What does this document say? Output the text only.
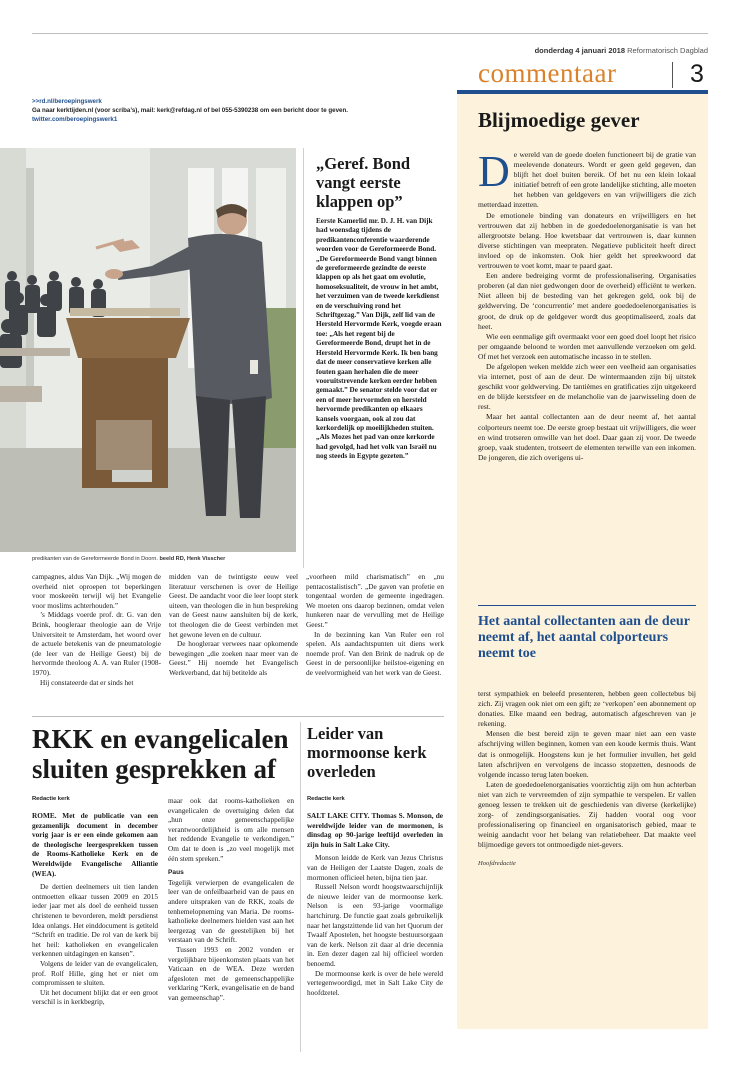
donderdag 4 januari 2018 Reformatorisch Dagblad
commentaar	3
>>rd.nl/beroepingswerk
Ga naar kerktijden.nl (voor scriba’s), mail: kerk@refdag.nl of bel 055-5390238 om een bericht door te geven.
twitter.com/beroepingswerk1
predikanten van de Gereformeerde Bond in Doorn. beeld RD, Henk Visscher
„Geref. Bond vangt eerste klappen op”
Eerste Kamerlid mr. D. J. H. van Dijk had woensdag tijdens de predikantenconferentie waarderende woorden voor de Gereformeerde Bond. „De Gereformeerde Bond vangt binnen de gereformeerde gezindte de eerste klappen op als het gaat om evolutie, homoseksualiteit, de vrouw in het ambt, het verzuimen van de tweede kerkdienst en de verschuiving rond het Schriftgezag.” Van Dijk, zelf lid van de Hersteld Hervormde Kerk, voegde eraan toe: „Als het regent bij de Gereformeerde Bond, drupt het in de Hersteld Hervormde Kerk. Ik ben bang dat de meer conservatieve kerken alle fouten gaan herhalen die de meer vooruitstrevende kerken eerder hebben gemaakt.” De senator stelde voor dat er een of meer hervormden en hersteld hervormde predikanten op elkaars kansels voorgaan, ook al zou dat kerkordelijk op moeilijkheden stuiten. „Als Mozes het pad van onze kerkorde had gevolgd, had het volk van Israël nu nog steeds in Egypte gezeten.”

campagnes, aldus Van Dijk. „Wij mogen de overheid niet oproepen tot beperkingen voor moskeeën terwijl wij het Evangelie voor moslims achterhouden.”

’s Middags voerde prof. dr. G. van den Brink, hoogleraar theologie aan de Vrije Universiteit te Amsterdam, het woord over de actuele betekenis van de pneumatologie (de leer van de Heilige Geest) bij de hervormde theoloog A. A. van Ruler (1908-1970).

Hij constateerde dat er sinds het

midden van de twintigste eeuw veel literatuur verschenen is over de Heilige Geest. De aandacht voor die leer loopt sterk uiteen, van theologen die in hun bespreking van de Geest nauw aansluiten bij de kerk, tot theologen die de Geest verbinden met het gewone leven en de cultuur.

De hoogleraar verwees naar opkomende bewegingen „die zoeken naar meer van de Geest.” Hij noemde het Evangelisch Werkverband, dat hij betitelde als

„voorheen mild charismatisch” en „nu pentacostalistisch”. „De gaven van profetie en tongentaal worden de gemeente ingedragen. We moeten ons daarop bezinnen, omdat velen hunkeren naar de vervulling met de Heilige Geest.”

In de bezinning kan Van Ruler een rol spelen. Als aandachtspunten uit diens werk noemde prof. Van den Brink de nadruk op de Geest in de persoonlijke heilstoe-eigening en de veelvormigheid van het werk van de Geest.

RKK en evangelicalen sluiten gesprekken af
Redactie kerk

ROME. Met de publicatie van een gezamenlijk document in december vorig jaar is er een einde gekomen aan de theologische leergesprekken tussen de Rooms-Katholieke Kerk en de Wereldwijde Evangelische Alliantie (WEA).

De dertien deelnemers uit tien landen ontmoetten elkaar tussen 2009 en 2015 ieder jaar met als doel de eenheid tussen christenen te bevorderen, meldt persdienst Idea onlangs. Het einddocument is getiteld “Schrift en traditie. De rol van de kerk bij het heil: katholieken en evangelicalen verkennen uitdagingen en kansen”.

Volgens de leider van de evangelicalen, prof. Rolf Hille, ging het er niet om compromissen te sluiten.

Uit het document blijkt dat er een groot verschil is in kerkbegrip,

maar ook dat rooms-katholieken en evangelicalen de overtuiging delen dat „hun onze gemeenschappelijke verantwoordelijkheid is om alle mensen het reddende Evangelie te verkondigen.” Om dat te doen is „zo veel mogelijk met één stem spreken.”

Paus

Tegelijk verwierpen de evangelicalen de leer van de onfeilbaarheid van de paus en andere uitspraken van de RKK, zoals de tenhemelopneming van Maria. De rooms-katholieke deelnemers hielden vast aan het leergezag van de geestelijken bij het verstaan van de Schrift.

Tussen 1993 en 2002 vonden er vergelijkbare bijeenkomsten plaats van het Vaticaan en de WEA. Deze werden afgesloten met de gemeenschappelijke verklaring “Kerk, evangelisatie en de band van gemeenschap”.

Leider van mormoonse kerk overleden
Redactie kerk

SALT LAKE CITY. Thomas S. Monson, de wereldwijde leider van de mormonen, is dinsdag op 90-jarige leeftijd overleden in zijn huis in Salt Lake City.

Monson leidde de Kerk van Jezus Christus van de Heiligen der Laatste Dagen, zoals de mormonen officieel heten, bijna tien jaar.

Russell Nelson wordt hoogstwaarschijnlijk de nieuwe leider van de mormoonse kerk. Nelson is een 93-jarige voormalige hartchirurg. De functie gaat zoals gebruikelijk naar het langstzittende lid van het Quorum der Twaalf Apostelen, het hoogste bestuursorgaan van de kerk. Nelson zit daar al drie decennia in. Een dezer dagen zal hij officieel worden benoemd.

De mormoonse kerk is over de hele wereld vertegenwoordigd, met in Salt Lake City de hoofdzetel.

Blijmoedige gever

De wereld van de goede doelen functioneert bij de gratie van meelevende donateurs. Wordt er geen geld gegeven, dan blijft het doel buiten bereik. Of het nu een klein lokaal initiatief betreft of een grote landelijke stichting, alle moeten het hebben van geldgevers en van vrijwilligers die zich metterdaad inzetten.

De emotionele binding van donateurs en vrijwilligers en het vertrouwen dat zij hebben in de goededoelenorganisatie is van het allergrootste belang. Hoe kwetsbaar dat vertrouwen is, daar kunnen diverse stichtingen van meepraten. Negatieve publiciteit heeft direct invloed op de inkomsten. Ook hier geldt het spreekwoord dat vertrouwen te voet komt, maar te paard gaat.

Een andere bedreiging vormt de professionalisering. Organisaties proberen (al dan niet gedwongen door de overheid) efficiënt te werken. Niet alleen bij de besteding van het gekregen geld, ook bij de geldwerving. De ‘concurrentie’ met andere goededoelenorganisaties is groot, de druk op de geldgever wordt dus geoptimaliseerd, zoals dat heet.

Wie een eenmalige gift overmaakt voor een goed doel loopt het risico per omgaande beloond te worden met aanvullende verzoeken om geld. Of met het verzoek een automatische incasso in te stellen.

De afgelopen weken meldde zich weer een veelheid aan organisaties via internet, post of aan de deur. De wintermaanden zijn bij uitstek geschikt voor geldwerving. De tantièmes en gratificaties zijn uitgekeerd en de blijde kerstsfeer en de melancholie van de jaarwisseling doen de rest.

Maar het aantal collectanten aan de deur neemt af, het aantal colporteurs neemt toe. De eerste groep bestaat uit vrijwilligers, die weer en wind trotseren omwille van het doel. Daar gaan zij voor. De tweede groep, vaak studenten, trotseert de elementen terwille van een inkomen. De jongeren, die zich overigens ui-

Het aantal collectanten aan de deur neemt af, het aantal colporteurs neemt toe

terst sympathiek en beleefd presenteren, hebben geen collectebus bij zich. Zij vragen ook niet om een gift; ze ‘verkopen’ een abonnement op donaties. Elke maand een bedrag, automatisch afgeschreven van je rekening.

Mensen die best bereid zijn te geven maar niet aan een vaste afschrijving willen beginnen, komen van een koude kermis thuis. Want dat is onmogelijk. Hoogstens kun je het formulier invullen, het geld laten afschrijven en vervolgens de incasso stopzetten, desnoods de volgende incasso terug laten boeken.

Laten de goededoelenorganisaties voorzichtig zijn om hun achterban niet van zich te vervreemden of zijn sympathie te verspelen. Er vallen genoeg lessen te trekken uit de geschiedenis van diverse (kerkelijke) zorg- of zendingsorganisaties. Zij hadden vooral oog voor professionalisering op financieel en organisatorisch gebied, maar te weinig aandacht voor het belang van relatiebeheer. Dat maakte veel blijmoedige gevers tot ontmoedigde niet-gevers.

Hoofdredactie
